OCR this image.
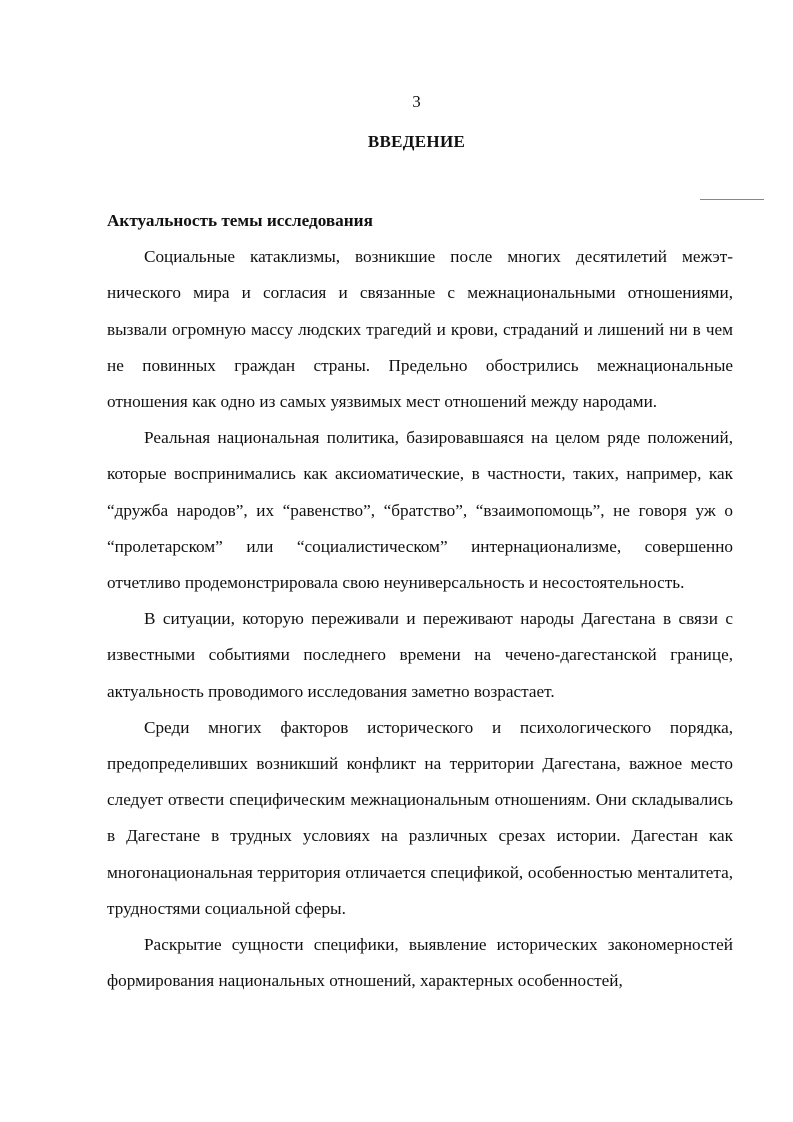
3
ВВЕДЕНИЕ

Актуальность темы исследования

Социальные катаклизмы, возникшие после многих десятилетий межэтнического мира и согласия и связанные с межнациональными отношениями, вызвали огромную массу людских трагедий и крови, страданий и лишений ни в чем не повинных граждан страны. Предельно обострились межнациональные отношения как одно из самых уязвимых мест отношений между народами.

Реальная национальная политика, базировавшаяся на целом ряде положений, которые воспринимались как аксиоматические, в частности, таких, например, как “дружба народов”, их “равенство”, “братство”, “взаимопомощь”, не говоря уж о “пролетарском” или “социалистическом” интернационализме, совершенно отчетливо продемонстрировала свою неуниверсальность и несостоятельность.

В ситуации, которую переживали и переживают народы Дагестана в связи с известными событиями последнего времени на чечено-дагестанской границе, актуальность проводимого исследования заметно возрастает.

Среди многих факторов исторического и психологического порядка, предопределивших возникший конфликт на территории Дагестана, важное место следует отвести специфическим межнациональным отношениям. Они складывались в Дагестане в трудных условиях на различных срезах истории. Дагестан как многонациональная территория отличается спецификой, особенностью менталитета, трудностями социальной сферы.

Раскрытие сущности специфики, выявление исторических закономерностей формирования национальных отношений, характерных особенностей,
